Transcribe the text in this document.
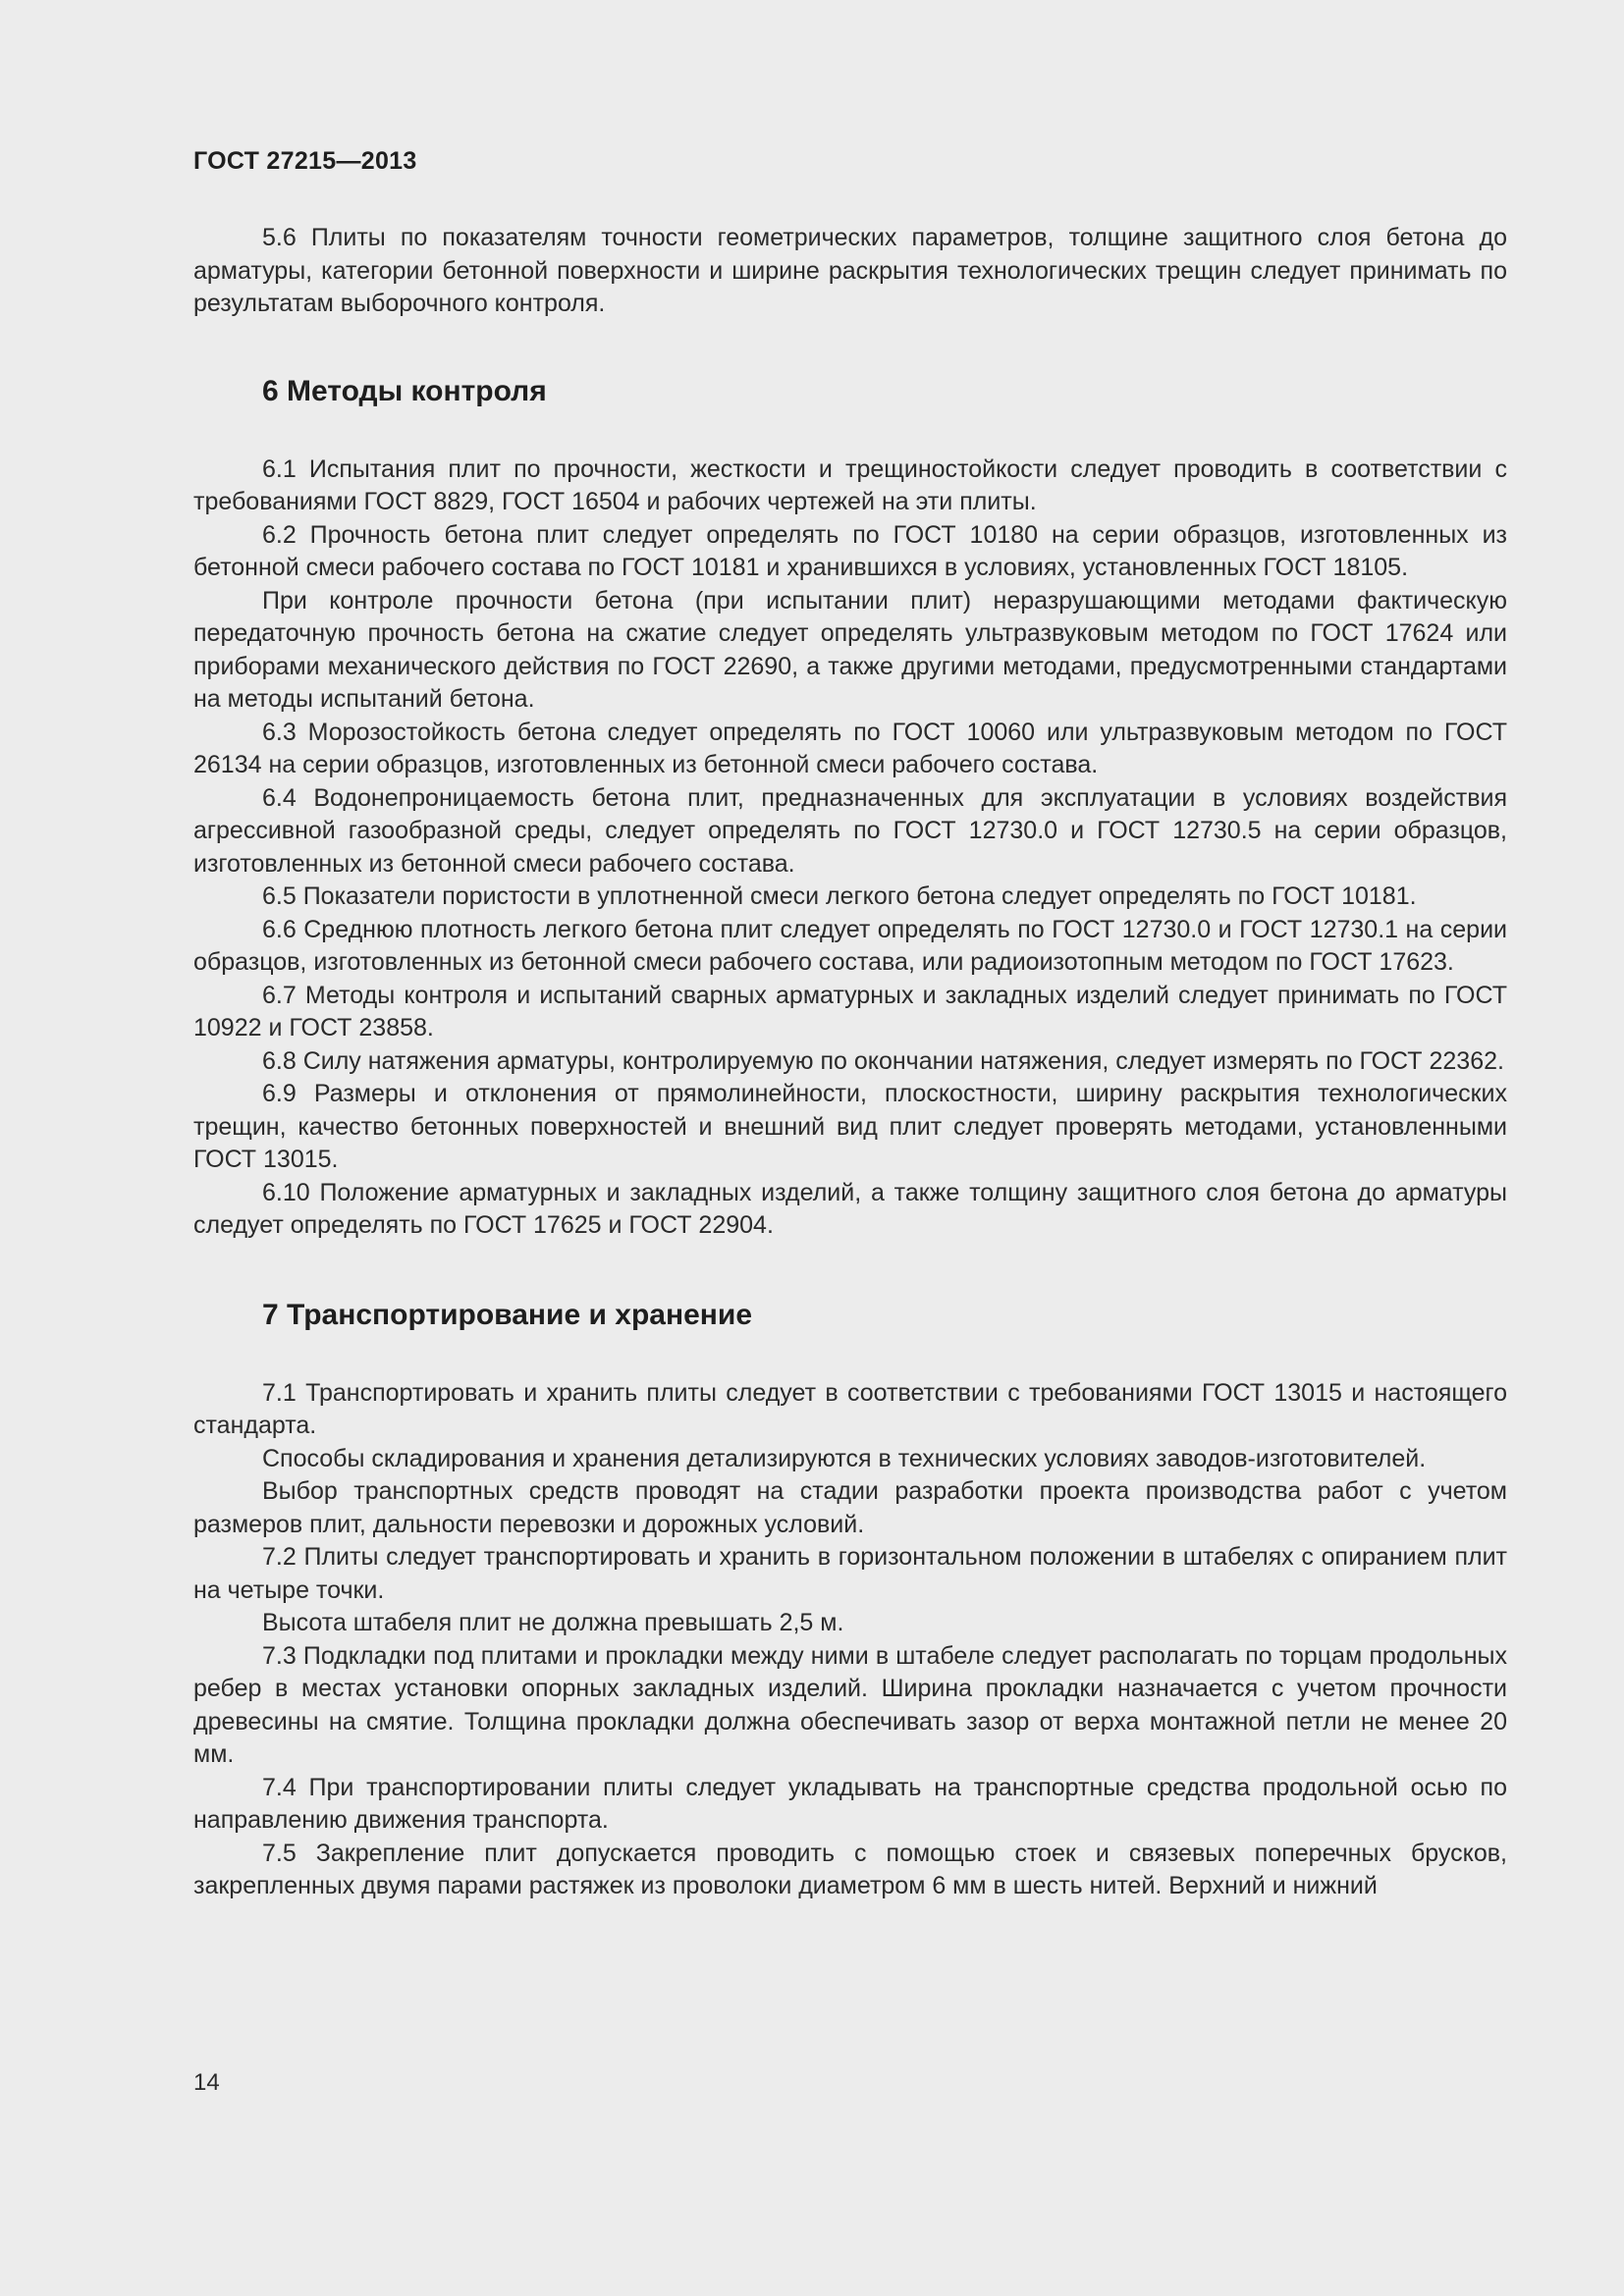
ГОСТ 27215—2013

5.6 Плиты по показателям точности геометрических параметров, толщине защитного слоя бетона до арматуры, категории бетонной поверхности и ширине раскрытия технологических трещин следует принимать по результатам выборочного контроля.

6 Методы контроля

6.1 Испытания плит по прочности, жесткости и трещиностойкости следует проводить в соответствии с требованиями ГОСТ 8829, ГОСТ 16504 и рабочих чертежей на эти плиты.

6.2 Прочность бетона плит следует определять по ГОСТ 10180 на серии образцов, изготовленных из бетонной смеси рабочего состава по ГОСТ 10181 и хранившихся в условиях, установленных ГОСТ 18105.

При контроле прочности бетона (при испытании плит) неразрушающими методами фактическую передаточную прочность бетона на сжатие следует определять ультразвуковым методом по ГОСТ 17624 или приборами механического действия по ГОСТ 22690, а также другими методами, предусмотренными стандартами на методы испытаний бетона.

6.3 Морозостойкость бетона следует определять по ГОСТ 10060 или ультразвуковым методом по ГОСТ 26134 на серии образцов, изготовленных из бетонной смеси рабочего состава.

6.4 Водонепроницаемость бетона плит, предназначенных для эксплуатации в условиях воздействия агрессивной газообразной среды, следует определять по ГОСТ 12730.0 и ГОСТ 12730.5 на серии образцов, изготовленных из бетонной смеси рабочего состава.

6.5 Показатели пористости в уплотненной смеси легкого бетона следует определять по ГОСТ 10181.

6.6 Среднюю плотность легкого бетона плит следует определять по ГОСТ 12730.0 и ГОСТ 12730.1 на серии образцов, изготовленных из бетонной смеси рабочего состава, или радиоизотопным методом по ГОСТ 17623.

6.7 Методы контроля и испытаний сварных арматурных и закладных изделий следует принимать по ГОСТ 10922 и ГОСТ 23858.

6.8 Силу натяжения арматуры, контролируемую по окончании натяжения, следует измерять по ГОСТ 22362.

6.9 Размеры и отклонения от прямолинейности, плоскостности, ширину раскрытия технологических трещин, качество бетонных поверхностей и внешний вид плит следует проверять методами, установленными ГОСТ 13015.

6.10 Положение арматурных и закладных изделий, а также толщину защитного слоя бетона до арматуры следует определять по ГОСТ 17625 и ГОСТ 22904.

7 Транспортирование и хранение

7.1 Транспортировать и хранить плиты следует в соответствии с требованиями ГОСТ 13015 и настоящего стандарта.

Способы складирования и хранения детализируются в технических условиях заводов-изготовителей.

Выбор транспортных средств проводят на стадии разработки проекта производства работ с учетом размеров плит, дальности перевозки и дорожных условий.

7.2 Плиты следует транспортировать и хранить в горизонтальном положении в штабелях с опиранием плит на четыре точки.

Высота штабеля плит не должна превышать 2,5 м.

7.3 Подкладки под плитами и прокладки между ними в штабеле следует располагать по торцам продольных ребер в местах установки опорных закладных изделий. Ширина прокладки назначается с учетом прочности древесины на смятие. Толщина прокладки должна обеспечивать зазор от верха монтажной петли не менее 20 мм.

7.4 При транспортировании плиты следует укладывать на транспортные средства продольной осью по направлению движения транспорта.

7.5 Закрепление плит допускается проводить с помощью стоек и связевых поперечных брусков, закрепленных двумя парами растяжек из проволоки диаметром 6 мм в шесть нитей. Верхний и нижний

14
